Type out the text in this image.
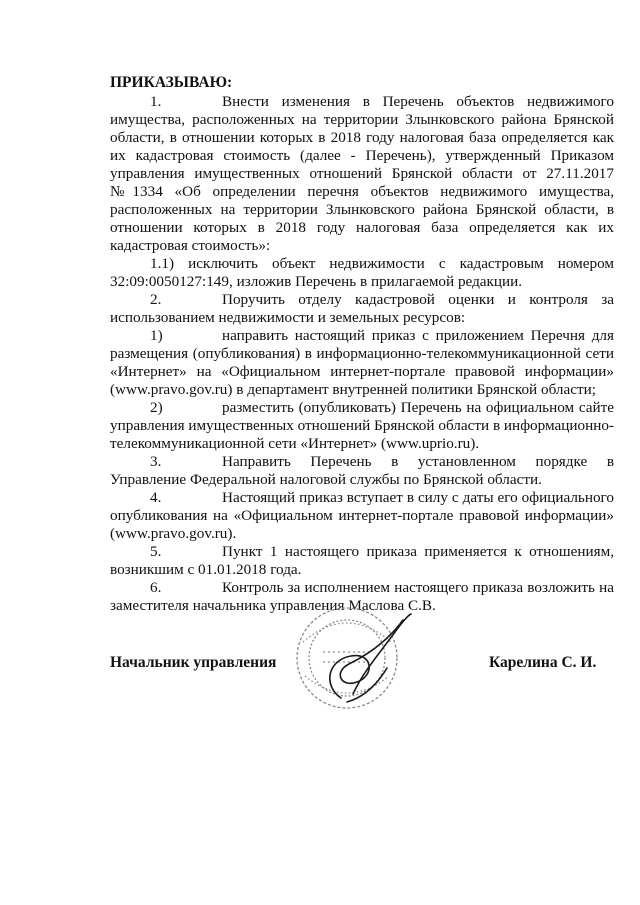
ПРИКАЗЫВАЮ:

1.	Внести изменения в Перечень объектов недвижимого имущества, расположенных на территории Злынковского района Брянской области, в отношении которых в 2018 году налоговая база определяется как их кадастровая стоимость (далее - Перечень), утвержденный Приказом управления имущественных отношений Брянской области от 27.11.2017 №1334 «Об определении перечня объектов недвижимого имущества, расположенных на территории Злынковского района Брянской области, в отношении которых в 2018 году налоговая база определяется как их кадастровая стоимость»:

1.1) исключить объект недвижимости с кадастровым номером 32:09:0050127:149, изложив Перечень в прилагаемой редакции.

2.	Поручить отделу кадастровой оценки и контроля за использованием недвижимости и земельных ресурсов:

1)	направить настоящий приказ с приложением Перечня для размещения (опубликования) в информационно-телекоммуникационной сети «Интернет» на «Официальном интернет-портале правовой информации» (www.pravo.gov.ru) в департамент внутренней политики Брянской области;

2)	разместить (опубликовать) Перечень на официальном сайте управления имущественных отношений Брянской области в информационно-телекоммуникационной сети «Интернет» (www.uprio.ru).

3.	Направить Перечень в установленном порядке в Управление Федеральной налоговой службы по Брянской области.

4.	Настоящий приказ вступает в силу с даты его официального опубликования на «Официальном интернет-портале правовой информации» (www.pravo.gov.ru).

5.	Пункт 1 настоящего приказа применяется к отношениям, возникшим с 01.01.2018 года.

6.	Контроль за исполнением настоящего приказа возложить на заместителя начальника управления Маслова С.В.

Начальник управления	Карелина С. И.
